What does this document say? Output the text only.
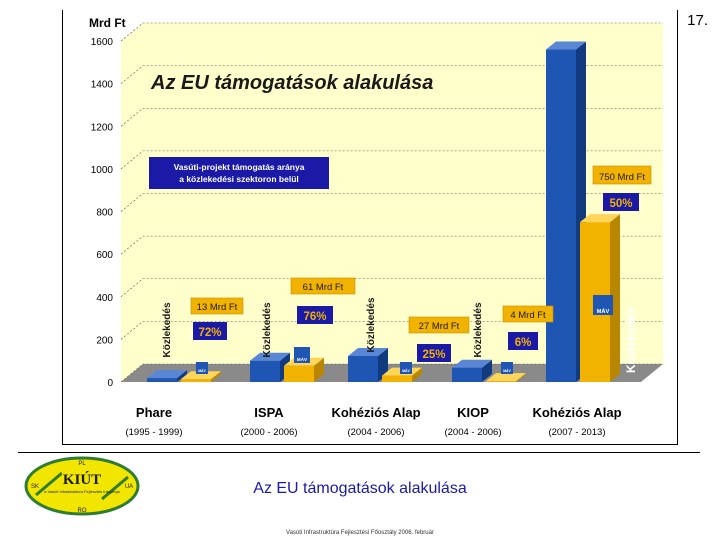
17.
0
200
400
600
800
1000
1200
1400
1600
Mrd Ft
Az EU támogatások alakulása
Vasúti-projekt támogatás aránya
a közlekedési szektoron belül
Közlekedés	Közlekedés	Közlekedés	Közlekedés	Közlekedés
MÁV
MÁV
MÁV	MÁV
MÁV
13 Mrd Ft
61 Mrd Ft
4 Mrd Ft
750 Mrd Ft
27 Mrd Ft
72%
76%
25%
6%
50%
Phare
(1995 - 1999)
ISPA
(2000 - 2006)
Kohéziós Alap
(2004 - 2006)
KIOP
(2004 - 2006)
Kohéziós Alap
(2007 - 2013)
KIÚT
a Vasúti Infrastruktúra Fejlesztés Irányítója
PL
SK	UA
RO
Az EU támogatások alakulása
Vasúti Infrastruktúra Fejlesztési Főosztály 2006. február
